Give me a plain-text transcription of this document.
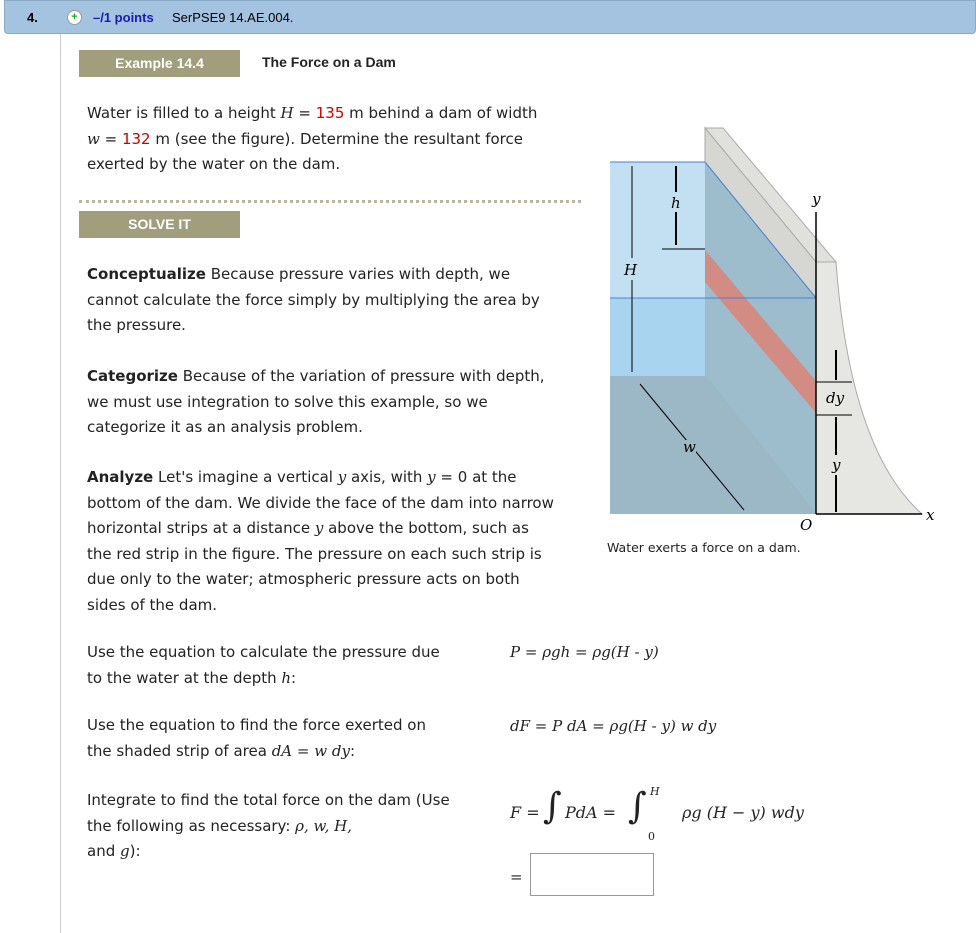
4.	+	–/1 points SerPSE9 14.AE.004.
Example 14.4	The Force on a Dam
Water is filled to a height H = 135 m behind a dam of width w = 132 m (see the figure). Determine the resultant force exerted by the water on the dam.
SOLVE IT
Conceptualize Because pressure varies with depth, we cannot calculate the force simply by multiplying the area by the pressure.
Categorize Because of the variation of pressure with depth, we must use integration to solve this example, so we categorize it as an analysis problem.
Analyze Let's imagine a vertical y axis, with y = 0 at the bottom of the dam. We divide the face of the dam into narrow horizontal strips at a distance y above the bottom, such as the red strip in the figure. The pressure on each such strip is due only to the water; atmospheric pressure acts on both sides of the dam.
Use the equation to calculate the pressure due to the water at the depth h:
P = ρgh = ρg(H - y)
Use the equation to find the force exerted on the shaded strip of area dA = w dy:
dF = P dA = ρg(H - y) w dy
Integrate to find the total force on the dam (Use the following as necessary: ρ, w, H,
and g):
F = ∫ PdA = ∫ H
0
ρg (H − y) wdy
=
h
H
y
dy
y
w
O
x
Water exerts a force on a dam.
